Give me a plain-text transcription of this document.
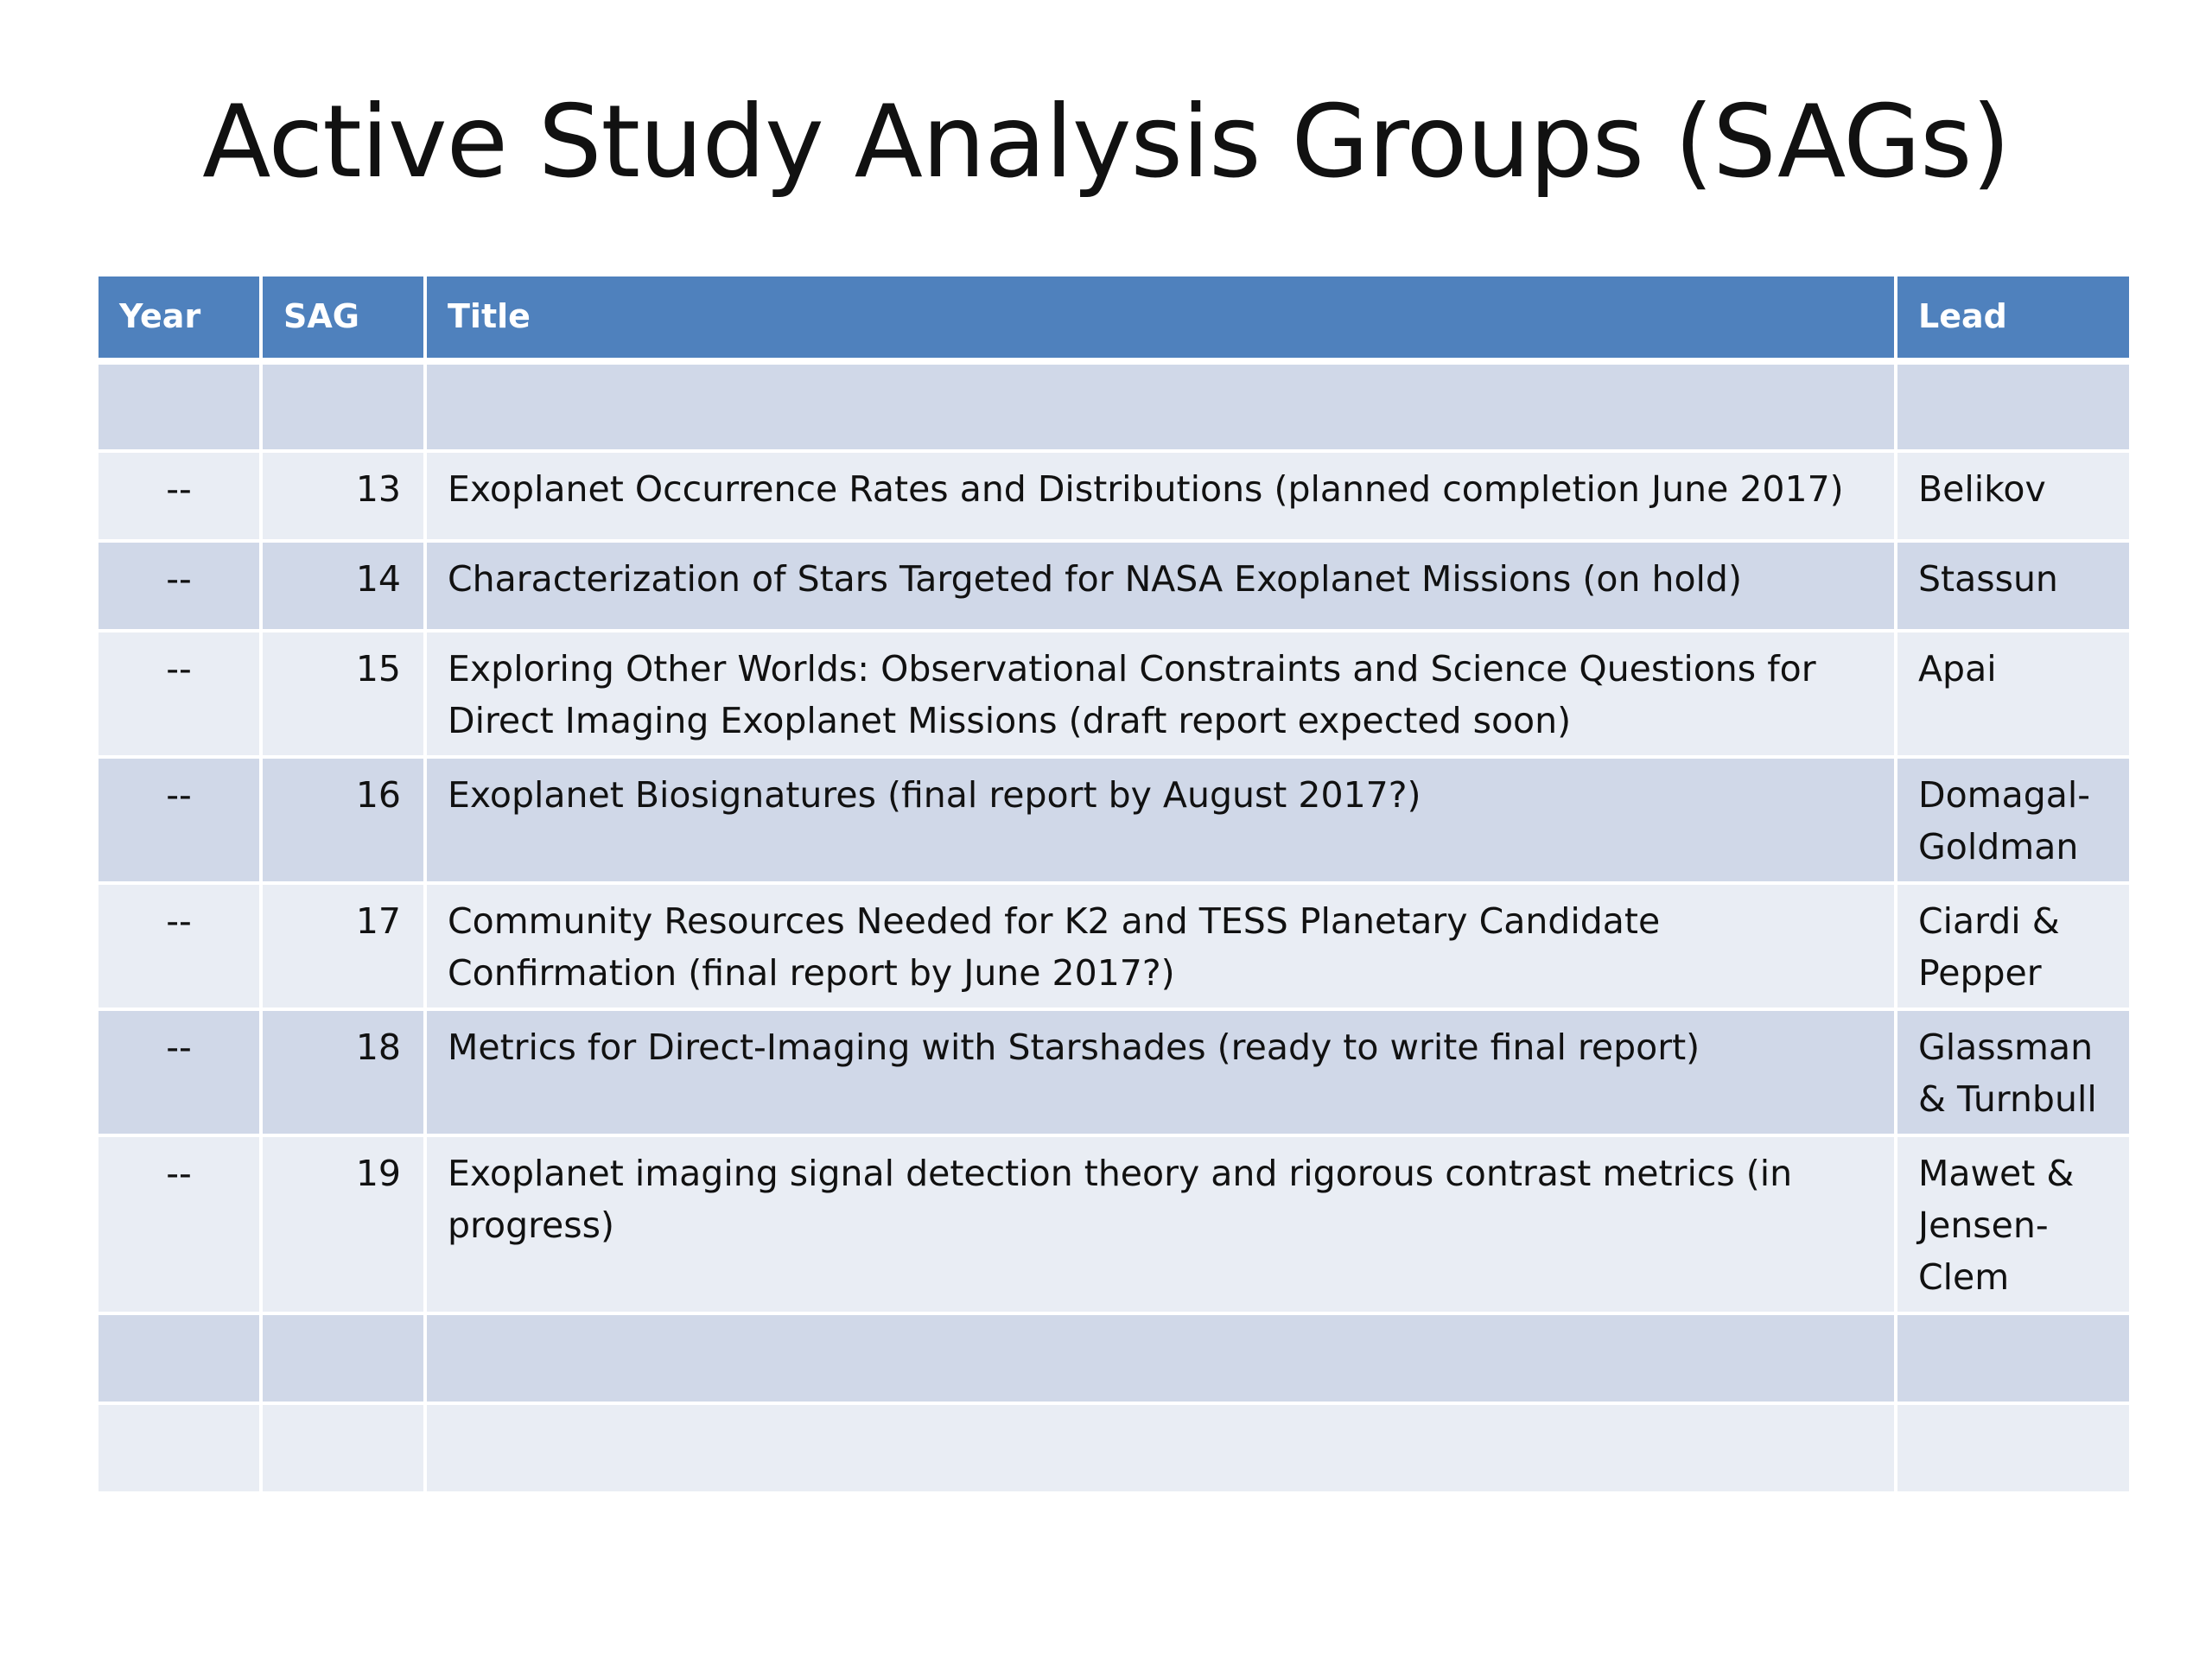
Active Study Analysis Groups (SAGs)
Year	SAG	Title	Lead

--	13	Exoplanet Occurrence Rates and Distributions (planned completion June 2017)	Belikov
--	14	Characterization of Stars Targeted for NASA Exoplanet Missions (on hold)	Stassun
--	15	Exploring Other Worlds: Observational Constraints and Science Questions for Direct Imaging Exoplanet Missions (draft report expected soon)	Apai
--	16	Exoplanet Biosignatures (final report by August 2017?)	Domagal-Goldman
--	17	Community Resources Needed for K2 and TESS Planetary Candidate Confirmation (final report by June 2017?)	Ciardi & Pepper
--	18	Metrics for Direct-Imaging with Starshades (ready to write final report)	Glassman & Turnbull
--	19	Exoplanet imaging signal detection theory and rigorous contrast metrics (in progress)	Mawet & Jensen-Clem
